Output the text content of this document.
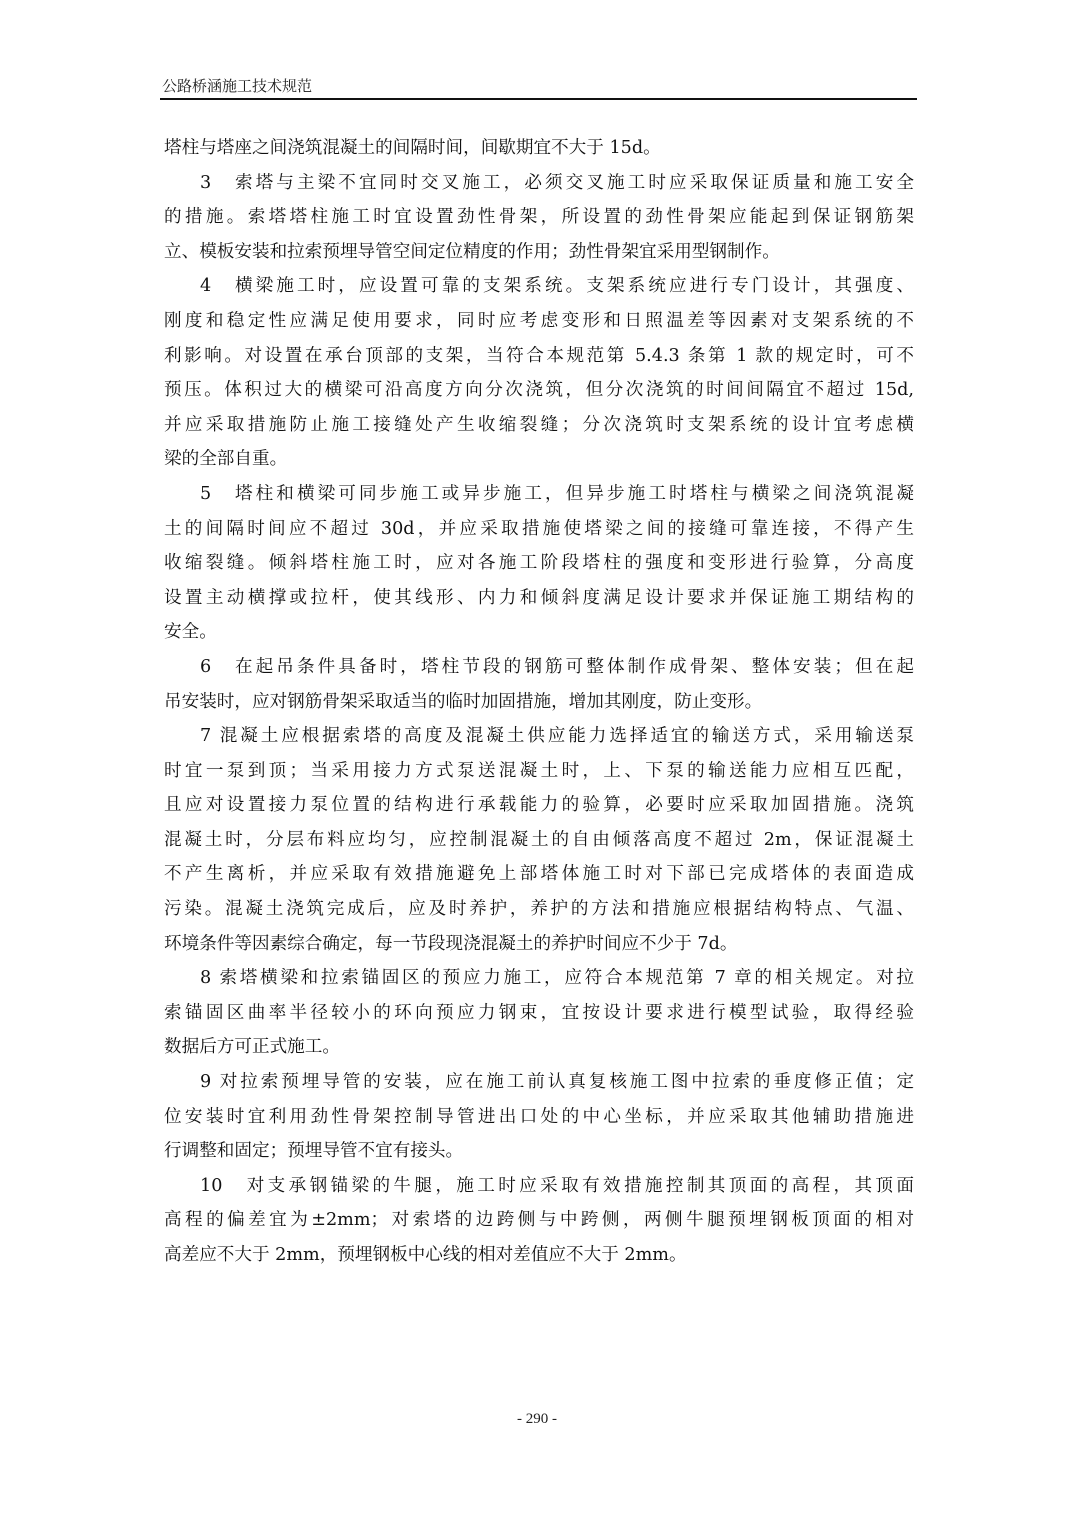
公路桥涵施工技术规范
塔柱与塔座之间浇筑混凝土的间隔时间，间歇期宜不大于 15d。
3　索塔与主梁不宜同时交叉施工，必须交叉施工时应采取保证质量和施工安全
的措施。索塔塔柱施工时宜设置劲性骨架，所设置的劲性骨架应能起到保证钢筋架
立、模板安装和拉索预埋导管空间定位精度的作用；劲性骨架宜采用型钢制作。
4　横梁施工时，应设置可靠的支架系统。支架系统应进行专门设计，其强度、
刚度和稳定性应满足使用要求，同时应考虑变形和日照温差等因素对支架系统的不
利影响。对设置在承台顶部的支架，当符合本规范第 5.4.3 条第 1 款的规定时，可不
预压。体积过大的横梁可沿高度方向分次浇筑，但分次浇筑的时间间隔宜不超过 15d,
并应采取措施防止施工接缝处产生收缩裂缝；分次浇筑时支架系统的设计宜考虑横
梁的全部自重。
5　塔柱和横梁可同步施工或异步施工，但异步施工时塔柱与横梁之间浇筑混凝
土的间隔时间应不超过 30d，并应采取措施使塔梁之间的接缝可靠连接，不得产生
收缩裂缝。倾斜塔柱施工时，应对各施工阶段塔柱的强度和变形进行验算，分高度
设置主动横撑或拉杆，使其线形、内力和倾斜度满足设计要求并保证施工期结构的
安全。
6　在起吊条件具备时，塔柱节段的钢筋可整体制作成骨架、整体安装；但在起
吊安装时，应对钢筋骨架采取适当的临时加固措施，增加其刚度，防止变形。
7 混凝土应根据索塔的高度及混凝土供应能力选择适宜的输送方式，采用输送泵
时宜一泵到顶；当采用接力方式泵送混凝土时，上、下泵的输送能力应相互匹配，
且应对设置接力泵位置的结构进行承载能力的验算，必要时应采取加固措施。浇筑
混凝土时，分层布料应均匀，应控制混凝土的自由倾落高度不超过 2m，保证混凝土
不产生离析，并应采取有效措施避免上部塔体施工时对下部已完成塔体的表面造成
污染。混凝土浇筑完成后，应及时养护，养护的方法和措施应根据结构特点、气温、
环境条件等因素综合确定，每一节段现浇混凝土的养护时间应不少于 7d。
8 索塔横梁和拉索锚固区的预应力施工，应符合本规范第 7 章的相关规定。对拉
索锚固区曲率半径较小的环向预应力钢束，宜按设计要求进行模型试验，取得经验
数据后方可正式施工。
9 对拉索预埋导管的安装，应在施工前认真复核施工图中拉索的垂度修正值；定
位安装时宜利用劲性骨架控制导管进出口处的中心坐标，并应采取其他辅助措施进
行调整和固定；预埋导管不宜有接头。
10　对支承钢锚梁的牛腿，施工时应采取有效措施控制其顶面的高程，其顶面
高程的偏差宜为±2mm；对索塔的边跨侧与中跨侧，两侧牛腿预埋钢板顶面的相对
高差应不大于 2mm，预埋钢板中心线的相对差值应不大于 2mm。
- 290 -
